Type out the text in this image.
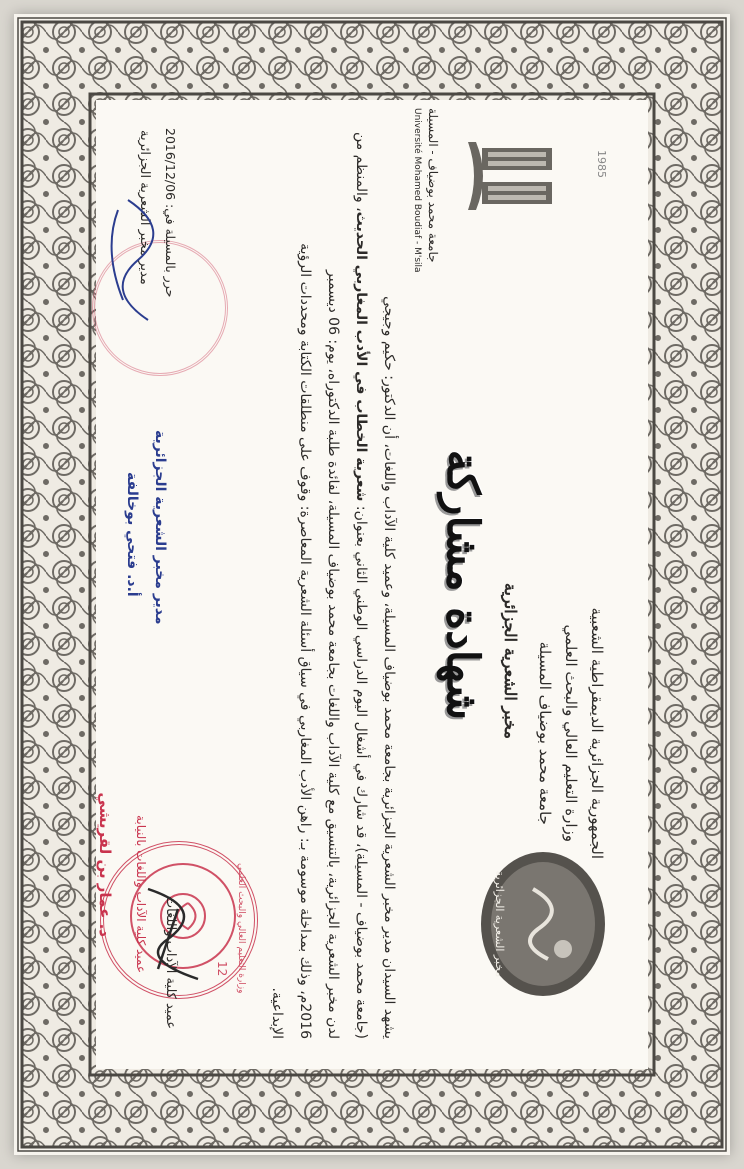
الجمهورية الجزائرية الديمقراطية الشعبية
وزارة التعليم العالي والبحث العلمي
جامعة محمد بوضياف المسيلة
مخبر الشعرية الجزائرية
مخبر الشعرية الجزائرية
1985
جامعة محمد بوضياف - المسيلة
Université Mohamed Boudiaf - M'sila
شهادة مشاركة

يشهد السيدان مدير مخبر الشعرية الجزائرية بجامعة محمد بوضياف المسيلة، وعميد كلية الآداب واللغات، أن الدكتور: حكيم وجيجي

(جامعة محمد بوضياف - المسيلة)، قد شارك في أشغال اليوم الدراسي الوطني الثاني بعنوان: شعرية الخطاب في الأدب المغاربي الحديث، والمنظم من

لدن مخبر الشعرية الجزائرية، بالتنسيق مع كلية الآداب واللغات بجامعة محمد بوضياف المسيلة، لفائدة طلبة الدكتوراه، يوم: 06 ديسمبر

2016م، وذلك بمداخلة موسومة بـ: راهن الأدب المغاربي في سياق أسئلة الشعرية المعاصرة: وقوف على منطلقات الكتابة ومحددات الرؤية

الإبداعية.

حرر بالمسيلة في: 2016/12/06
مدير مخبر الشعرية الجزائرية
مدير مخبر الشعرية الجزائرية
أ.د. فتحي بوخالفة
12 وزارة التعليم العالي والبحث العلمي
عميد كلية الآداب واللغات
عميد كلية الآداب واللغات بالنيابة
د. عمار بن لقريشي
